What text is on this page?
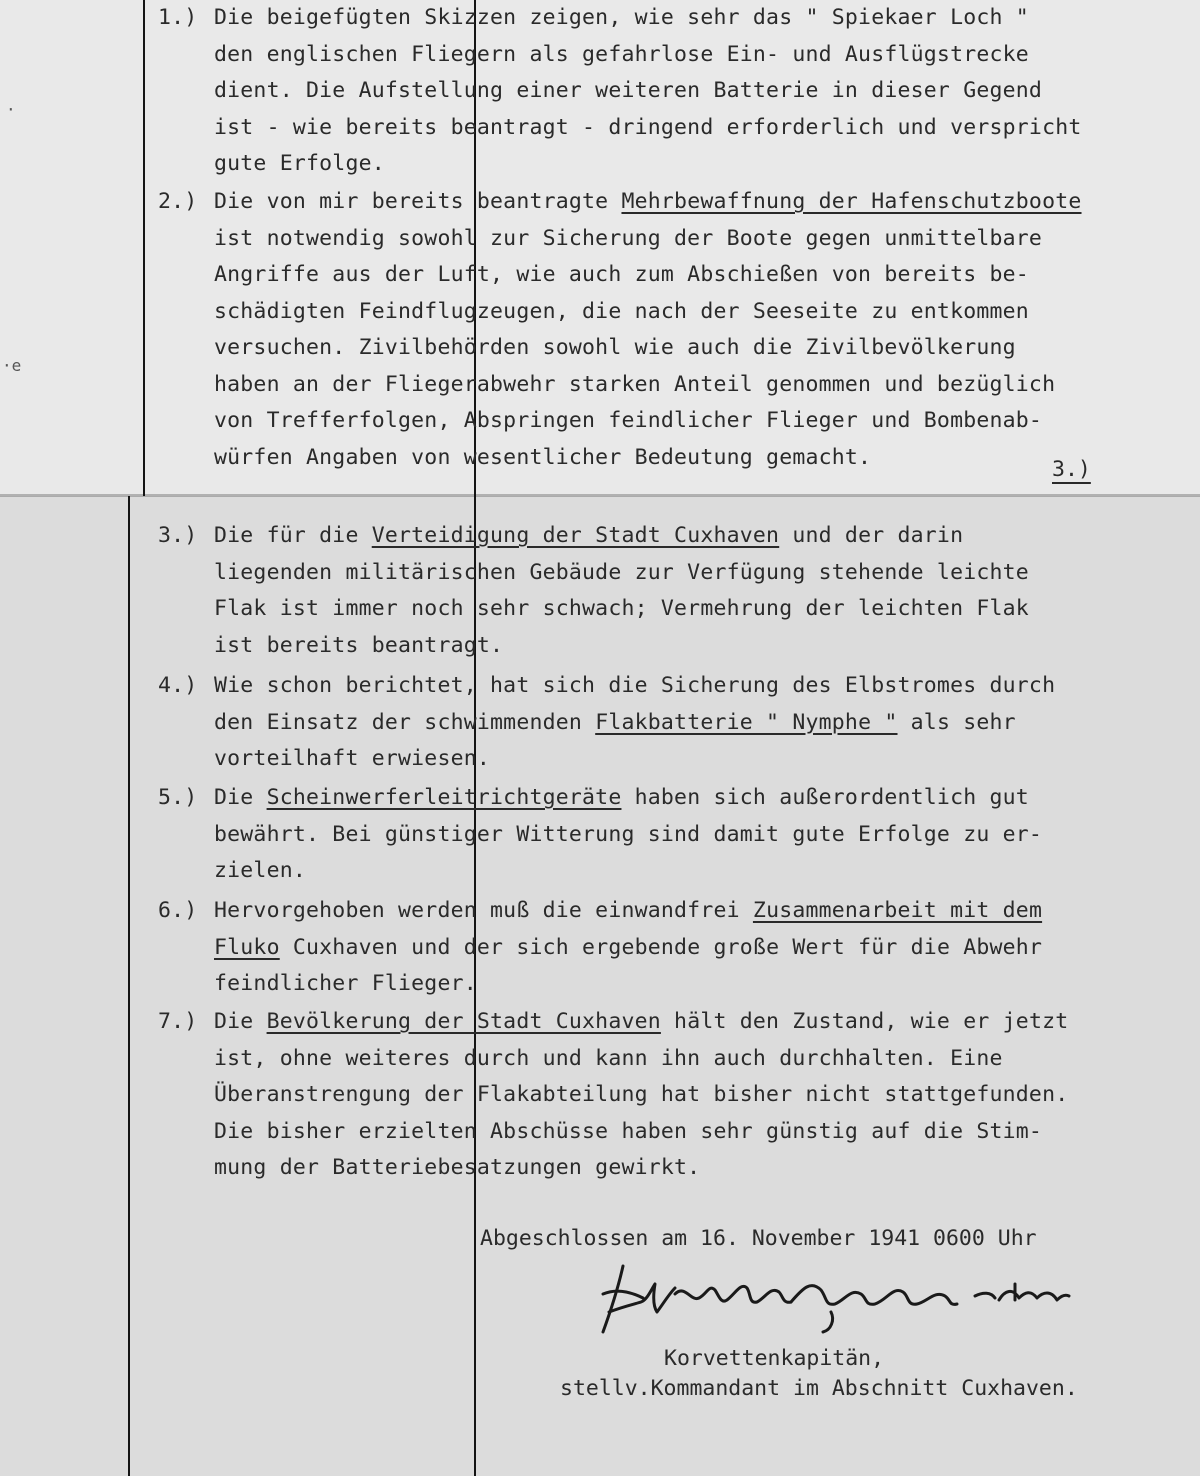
·
·e
1.) Die beigefügten Skizzen zeigen, wie sehr das " Spiekaer Loch "
den englischen Fliegern als gefahrlose Ein- und Ausflügstrecke
dient. Die Aufstellung einer weiteren Batterie in dieser Gegend
ist - wie bereits beantragt - dringend erforderlich und verspricht
gute Erfolge.
2.) Die von mir bereits beantragte Mehrbewaffnung der Hafenschutzboote
ist notwendig sowohl zur Sicherung der Boote gegen unmittelbare
Angriffe aus der Luft, wie auch zum Abschießen von bereits be-
schädigten Feindflugzeugen, die nach der Seeseite zu entkommen
versuchen. Zivilbehörden sowohl wie auch die Zivilbevölkerung
haben an der Fliegerabwehr starken Anteil genommen und bezüglich
von Trefferfolgen, Abspringen feindlicher Flieger und Bombenab-
würfen Angaben von wesentlicher Bedeutung gemacht.	3.)
3.) Die für die Verteidigung der Stadt Cuxhaven und der darin
liegenden militärischen Gebäude zur Verfügung stehende leichte
Flak ist immer noch sehr schwach; Vermehrung der leichten Flak
ist bereits beantragt.
4.) Wie schon berichtet, hat sich die Sicherung des Elbstromes durch
den Einsatz der schwimmenden Flakbatterie " Nymphe " als sehr
vorteilhaft erwiesen.
5.) Die Scheinwerferleitrichtgeräte haben sich außerordentlich gut
bewährt. Bei günstiger Witterung sind damit gute Erfolge zu er-
zielen.
6.) Hervorgehoben werden muß die einwandfrei Zusammenarbeit mit dem
Fluko Cuxhaven und der sich ergebende große Wert für die Abwehr
feindlicher Flieger.
7.) Die Bevölkerung der Stadt Cuxhaven hält den Zustand, wie er jetzt
ist, ohne weiteres durch und kann ihn auch durchhalten. Eine
Überanstrengung der Flakabteilung hat bisher nicht stattgefunden.
Die bisher erzielten Abschüsse haben sehr günstig auf die Stim-
mung der Batteriebesatzungen gewirkt.
Abgeschlossen am 16. November 1941 0600 Uhr
Korvettenkapitän,
stellv.Kommandant im Abschnitt Cuxhaven.
